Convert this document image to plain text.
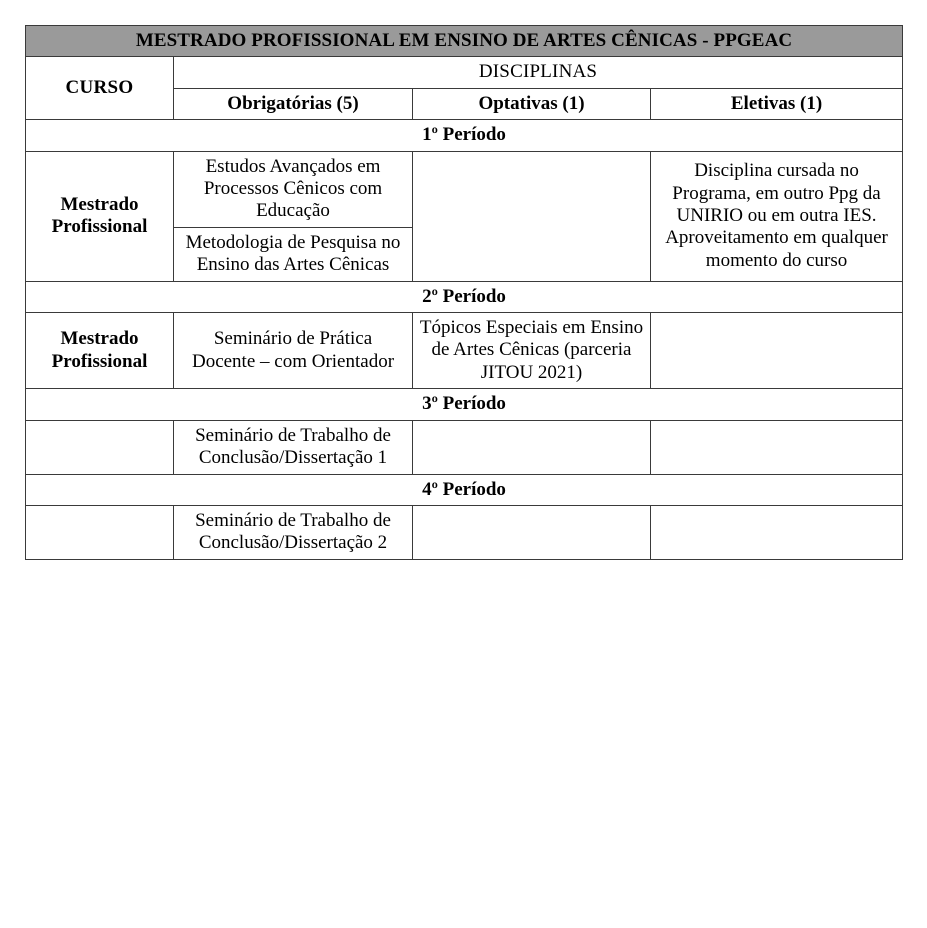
MESTRADO PROFISSIONAL EM ENSINO DE ARTES CÊNICAS - PPGEAC			
CURSO	DISCIPLINAS		
	Obrigatórias (5)	Optativas (1)	Eletivas (1)
1º Período			
Mestrado Profissional	Estudos Avançados em Processos Cênicos com Educação		Disciplina cursada no Programa, em outro Ppg da UNIRIO ou em outra IES. Aproveitamento em qualquer momento do curso
	Metodologia de Pesquisa no Ensino das Artes Cênicas		
2º Período			
Mestrado Profissional	Seminário de Prática Docente – com Orientador	Tópicos Especiais em Ensino de Artes Cênicas (parceria JITOU 2021)	
3º Período			
	Seminário de Trabalho de Conclusão/Dissertação 1		
4º Período			
	Seminário de Trabalho de Conclusão/Dissertação 2		
